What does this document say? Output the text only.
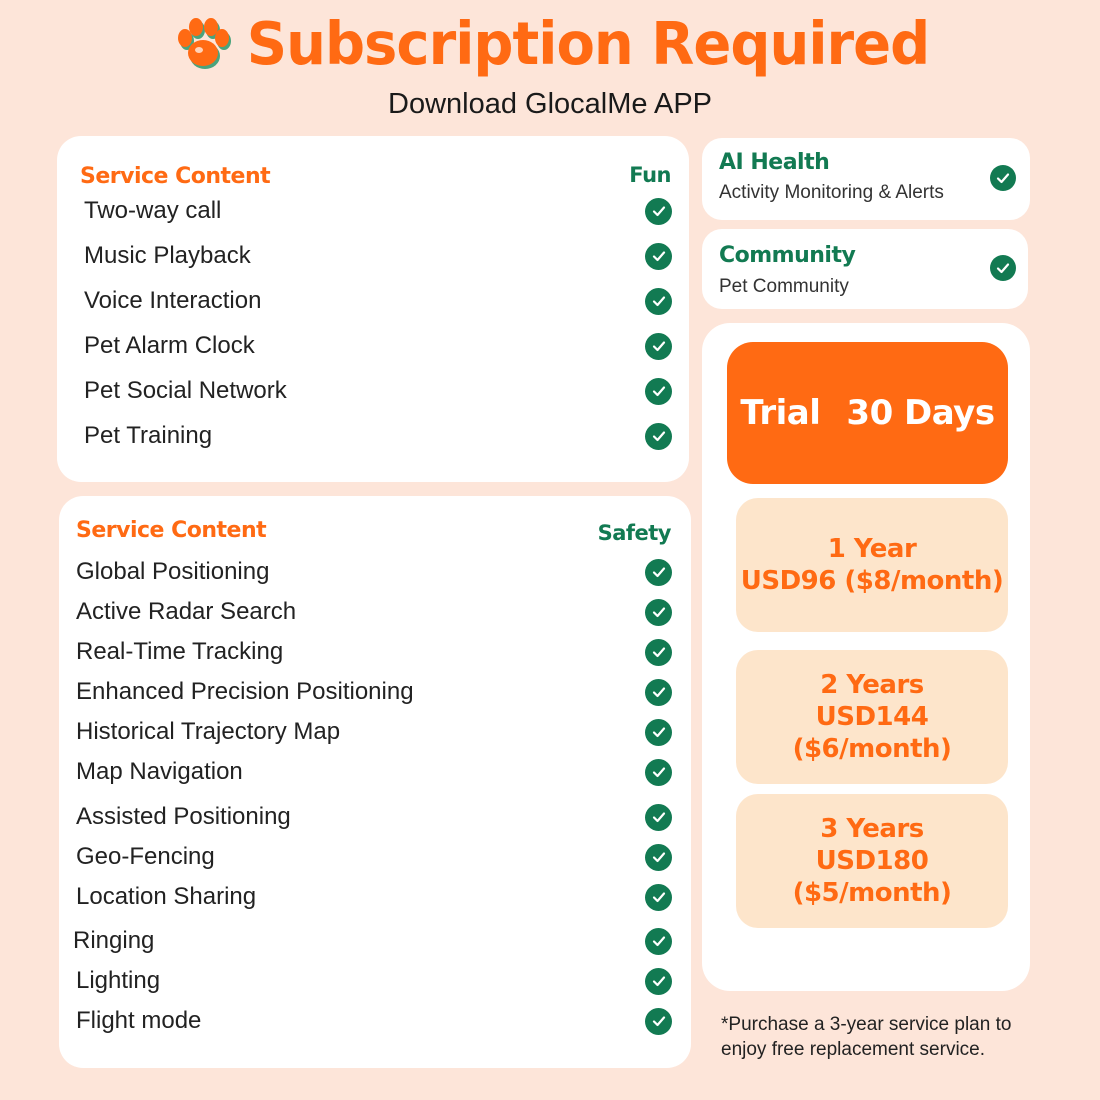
Subscription Required
Download GlocalMe APP
Service Content	Fun
Two-way call
Music Playback
Voice Interaction
Pet Alarm Clock
Pet Social Network
Pet Training
Service Content	Safety
Global Positioning
Active Radar Search
Real-Time Tracking
Enhanced Precision Positioning
Historical Trajectory Map
Map Navigation
Assisted Positioning
Geo-Fencing
Location Sharing
Ringing
Lighting
Flight mode
AI Health
Activity Monitoring & Alerts
Community
Pet Community
Trial 30 Days
1 Year
USD96 ($8/month)
2 Years
USD144 ($6/month)
3 Years
USD180 ($5/month)
*Purchase a 3-year service plan to enjoy free replacement service.
